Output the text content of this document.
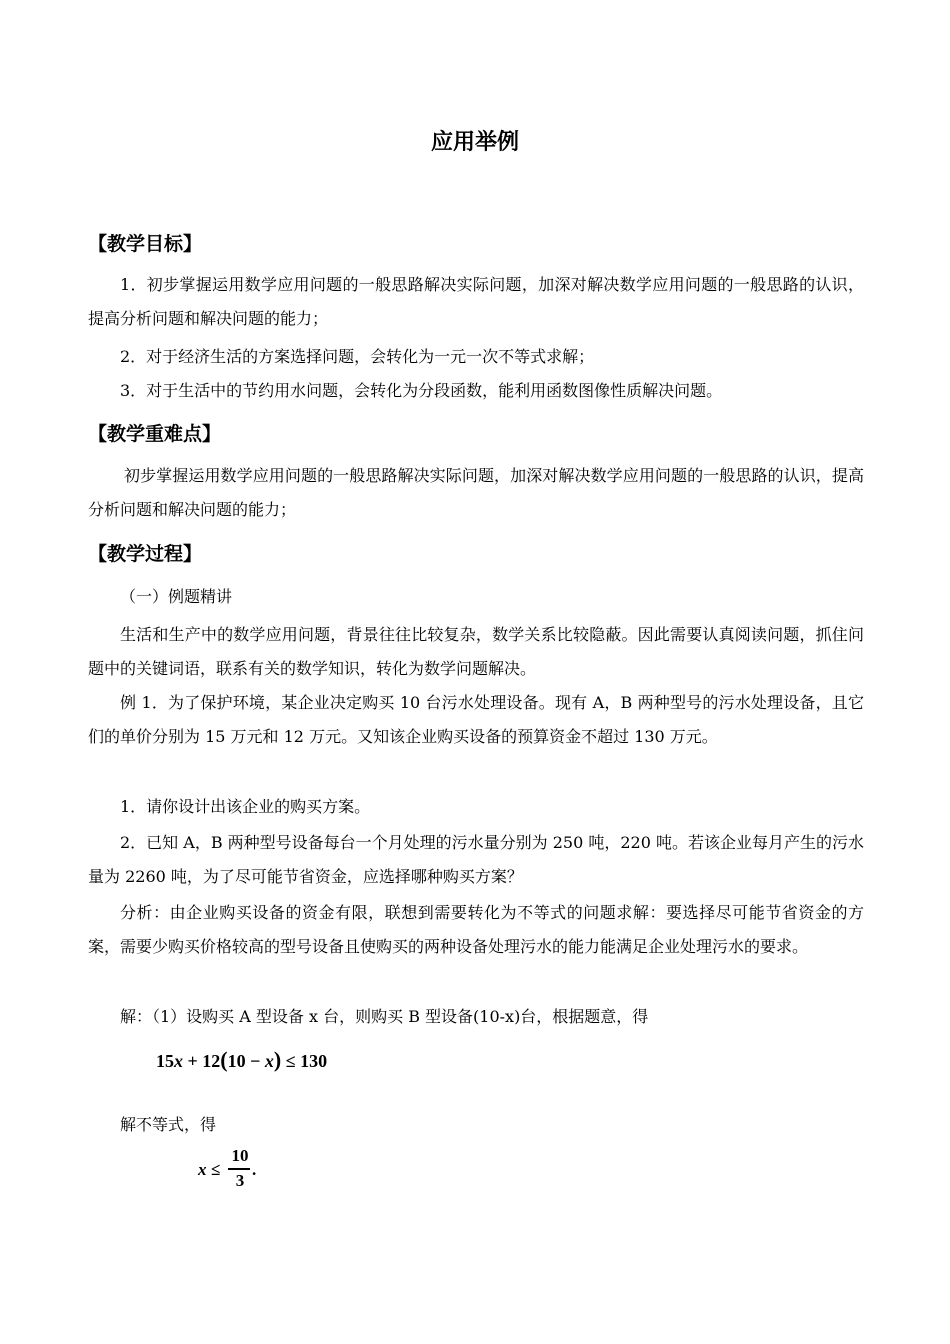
应用举例
【教学目标】

1．初步掌握运用数学应用问题的一般思路解决实际问题，加深对解决数学应用问题的一般思路的认识，提高分析问题和解决问题的能力；

2．对于经济生活的方案选择问题，会转化为一元一次不等式求解；

3．对于生活中的节约用水问题，会转化为分段函数，能利用函数图像性质解决问题。

【教学重难点】

初步掌握运用数学应用问题的一般思路解决实际问题，加深对解决数学应用问题的一般思路的认识，提高分析问题和解决问题的能力；

【教学过程】

（一）例题精讲

生活和生产中的数学应用问题，背景往往比较复杂，数学关系比较隐蔽。因此需要认真阅读问题，抓住问题中的关键词语，联系有关的数学知识，转化为数学问题解决。

例 1．为了保护环境，某企业决定购买 10 台污水处理设备。现有 A，B 两种型号的污水处理设备，且它们的单价分别为 15 万元和 12 万元。又知该企业购买设备的预算资金不超过 130 万元。

1．请你设计出该企业的购买方案。

2．已知 A，B 两种型号设备每台一个月处理的污水量分别为 250 吨，220 吨。若该企业每月产生的污水量为 2260 吨，为了尽可能节省资金，应选择哪种购买方案？

分析：由企业购买设备的资金有限，联想到需要转化为不等式的问题求解：要选择尽可能节省资金的方案，需要少购买价格较高的型号设备且使购买的两种设备处理污水的能力能满足企业处理污水的要求。

解：（1）设购买 A 型设备 x 台，则购买 B 型设备(10-x)台，根据题意，得

15x + 12(10 − x) ≤ 130

解不等式，得

x ≤
10
3
.
